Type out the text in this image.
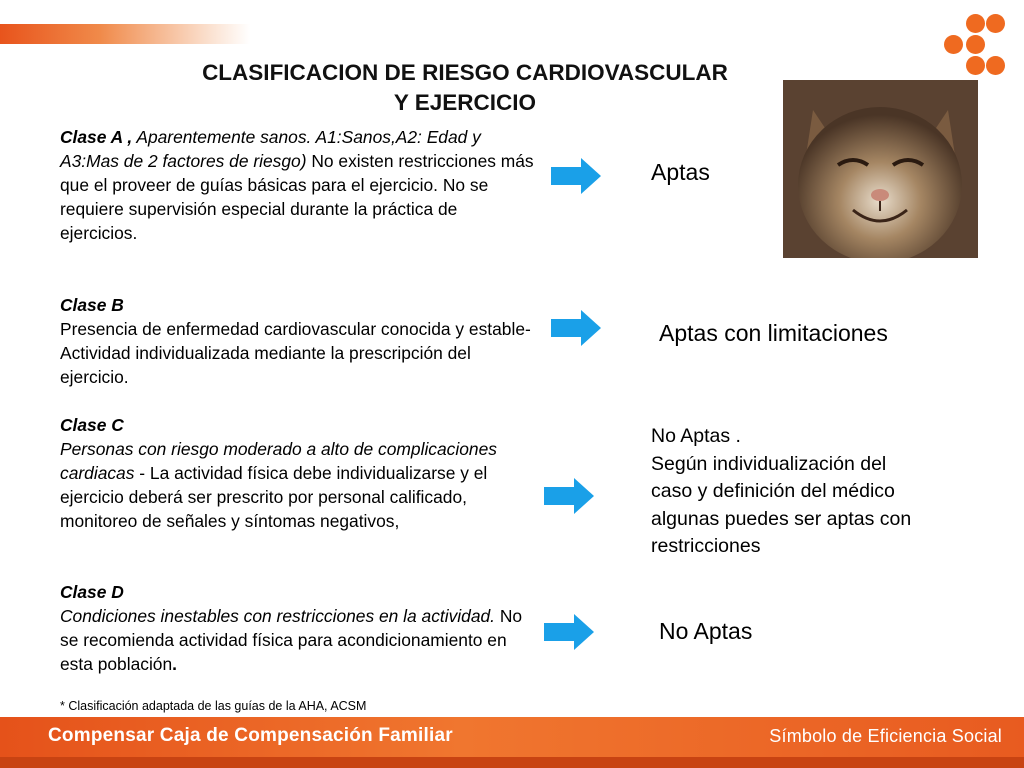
CLASIFICACION DE RIESGO CARDIOVASCULAR
Y EJERCICIO
Clase A , Aparentemente sanos. A1:Sanos,A2: Edad y A3:Mas de 2 factores de riesgo) No existen restricciones más que el proveer de guías básicas para el ejercicio. No se requiere supervisión especial durante la práctica de ejercicios.
Clase B
Presencia de enfermedad cardiovascular conocida y estable- Actividad individualizada mediante la prescripción del ejercicio.
Clase C
Personas con riesgo moderado a alto de complicaciones cardiacas - La actividad física debe individualizarse y el ejercicio deberá ser prescrito por personal calificado, monitoreo de señales y síntomas negativos,
Clase D
Condiciones inestables con restricciones en la actividad. No se recomienda actividad física para acondicionamiento en esta población.
Aptas
Aptas con limitaciones
No Aptas .
Según individualización del caso y definición del médico algunas puedes ser aptas con restricciones
No Aptas
* Clasificación adaptada de las guías de la AHA, ACSM
Compensar Caja de Compensación Familiar	Símbolo de Eficiencia Social
